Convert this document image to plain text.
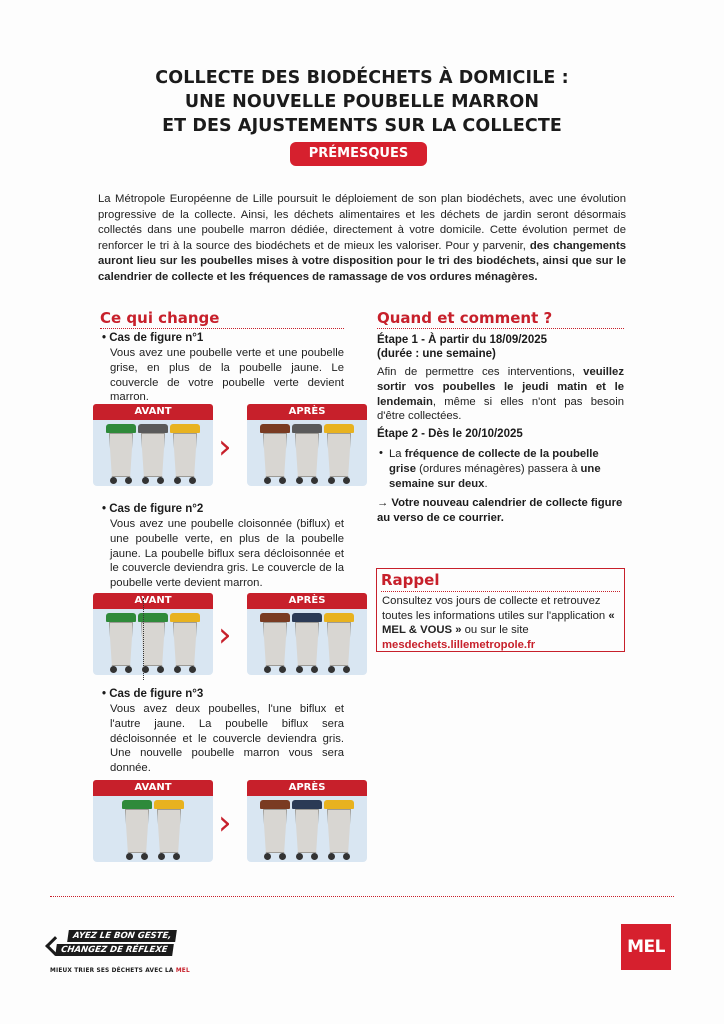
COLLECTE DES BIODÉCHETS À DOMICILE :
UNE NOUVELLE POUBELLE MARRON
ET DES AJUSTEMENTS SUR LA COLLECTE
PRÉMESQUES
La Métropole Européenne de Lille poursuit le déploiement de son plan biodéchets, avec une évolution progressive de la collecte. Ainsi, les déchets alimentaires et les déchets de jardin seront désormais collectés dans une poubelle marron dédiée, directement à votre domicile. Cette évolution permet de renforcer le tri à la source des biodéchets et de mieux les valoriser. Pour y parvenir, des changements auront lieu sur les poubelles mises à votre disposition pour le tri des biodéchets, ainsi que sur le calendrier de collecte et les fréquences de ramassage de vos ordures ménagères.
Ce qui change
• Cas de figure n°1
Vous avez une poubelle verte et une poubelle grise, en plus de la poubelle jaune. Le couvercle de votre poubelle verte devient marron.
AVANT
›
APRÈS
• Cas de figure n°2
Vous avez une poubelle cloisonnée (biflux) et une poubelle verte, en plus de la poubelle jaune. La poubelle biflux sera décloisonnée et le couvercle deviendra gris. Le couvercle de la poubelle verte devient marron.
AVANT
›
APRÈS
• Cas de figure n°3
Vous avez deux poubelles, l'une biflux et l'autre jaune. La poubelle biflux sera décloisonnée et le couvercle deviendra gris. Une nouvelle poubelle marron vous sera donnée.
AVANT
›
APRÈS
Quand et comment ?
Étape 1 - À partir du 18/09/2025
(durée : une semaine)
Afin de permettre ces interventions, veuillez sortir vos poubelles le jeudi matin et le lendemain, même si elles n'ont pas besoin d'être collectées.
Étape 2 - Dès le 20/10/2025
• La fréquence de collecte de la poubelle grise (ordures ménagères) passera à une semaine sur deux.
→ Votre nouveau calendrier de collecte figure au verso de ce courrier.
Rappel
Consultez vos jours de collecte et retrouvez toutes les informations utiles sur l'application « MEL & VOUS » ou sur le site mesdechets.lillemetropole.fr
AYEZ LE BON GESTE,
CHANGEZ DE RÉFLEXE
MIEUX TRIER SES DÉCHETS AVEC LA MEL
MEL
